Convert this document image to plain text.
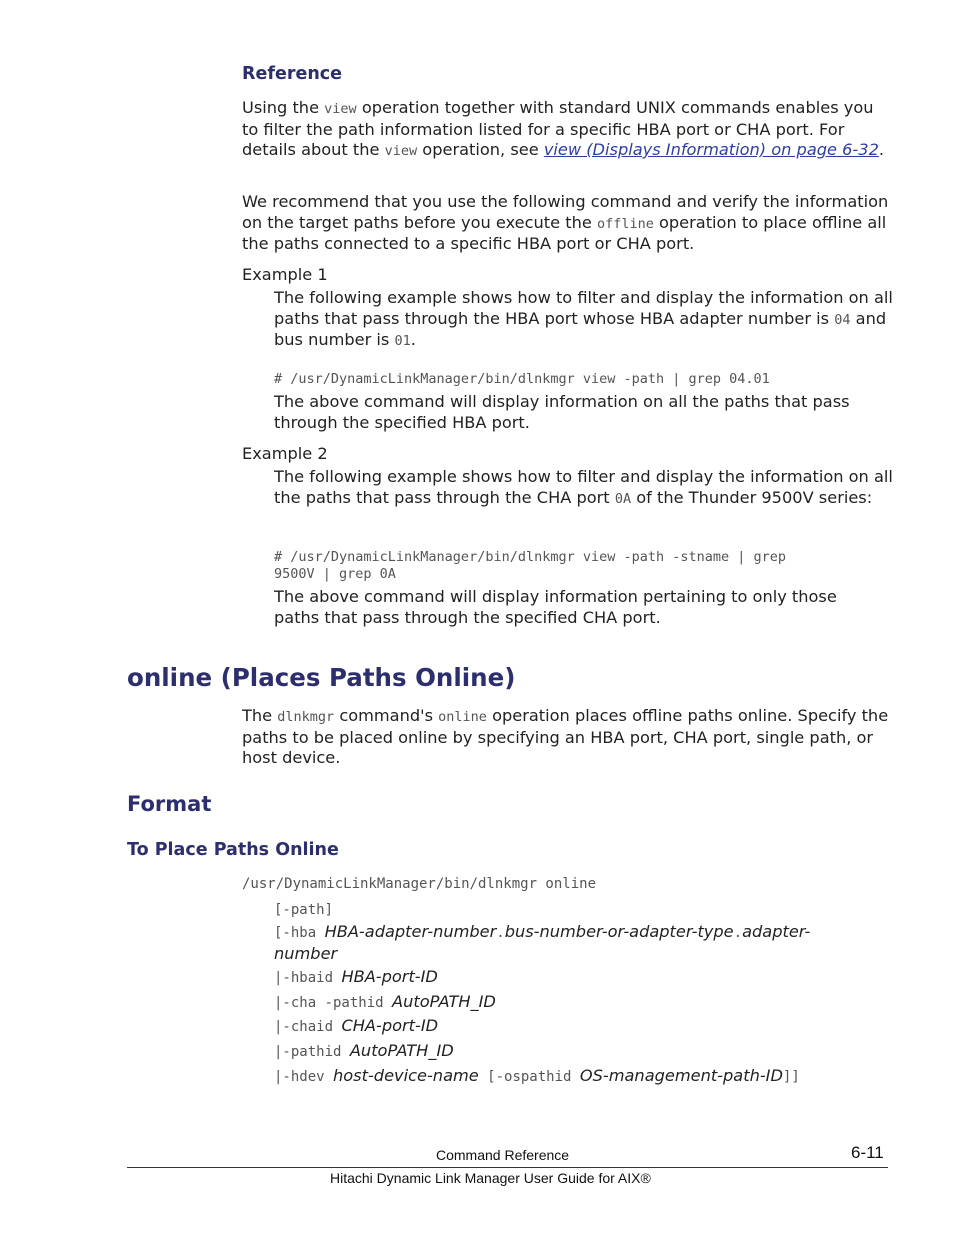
Reference
Using the view operation together with standard UNIX commands enables you to filter the path information listed for a specific HBA port or CHA port. For details about the view operation, see view (Displays Information) on page 6-32.
We recommend that you use the following command and verify the information on the target paths before you execute the offline operation to place offline all the paths connected to a specific HBA port or CHA port.
Example 1
The following example shows how to filter and display the information on all paths that pass through the HBA port whose HBA adapter number is 04 and bus number is 01.
# /usr/DynamicLinkManager/bin/dlnkmgr view -path | grep 04.01
The above command will display information on all the paths that pass through the specified HBA port.
Example 2
The following example shows how to filter and display the information on all the paths that pass through the CHA port 0A of the Thunder 9500V series:
# /usr/DynamicLinkManager/bin/dlnkmgr view -path -stname | grep
9500V | grep 0A
The above command will display information pertaining to only those paths that pass through the specified CHA port.
online (Places Paths Online)
The dlnkmgr command's online operation places offline paths online. Specify the paths to be placed online by specifying an HBA port, CHA port, single path, or host device.
Format
To Place Paths Online
/usr/DynamicLinkManager/bin/dlnkmgr online
[-path]
[-hba HBA-adapter-number.bus-number-or-adapter-type.adapter-number
|-hbaid HBA-port-ID
|-cha -pathid AutoPATH_ID
|-chaid CHA-port-ID
|-pathid AutoPATH_ID
|-hdev host-device-name [-ospathid OS-management-path-ID]]
Command Reference	6-11
Hitachi Dynamic Link Manager User Guide for AIX®
